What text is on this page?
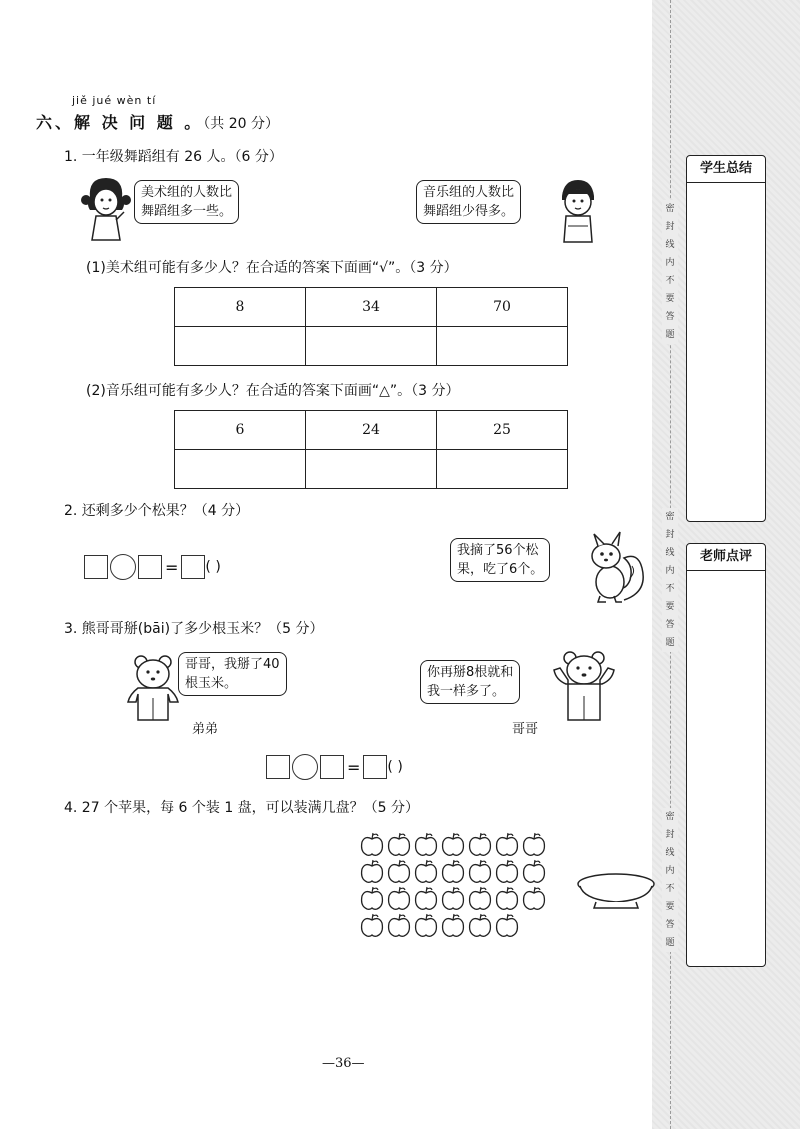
密
封
线
内
不
要
答
题
密
封
线
内
不
要
答
题
密
封
线
内
不
要
答
题
学生总结
老师点评
jiě jué wèn tí
六、解 决 问 题 。（共 20 分）
1. 一年级舞蹈组有 26 人。（6 分）
美术组的人数比
舞蹈组多一些。
音乐组的人数比
舞蹈组少得多。
(1)美术组可能有多少人？在合适的答案下面画“√”。（3 分）
8	34	70

(2)音乐组可能有多少人？在合适的答案下面画“△”。（3 分）
6	24	25

2. 还剩多少个松果？（4 分）
= ( )
我摘了56个松
果，吃了6个。
3. 熊哥哥掰(bāi)了多少根玉米？（5 分）
哥哥，我掰了40
根玉米。
弟弟
你再掰8根就和
我一样多了。
哥哥
= ( )
4. 27 个苹果，每 6 个装 1 盘，可以装满几盘？（5 分）
—36—
